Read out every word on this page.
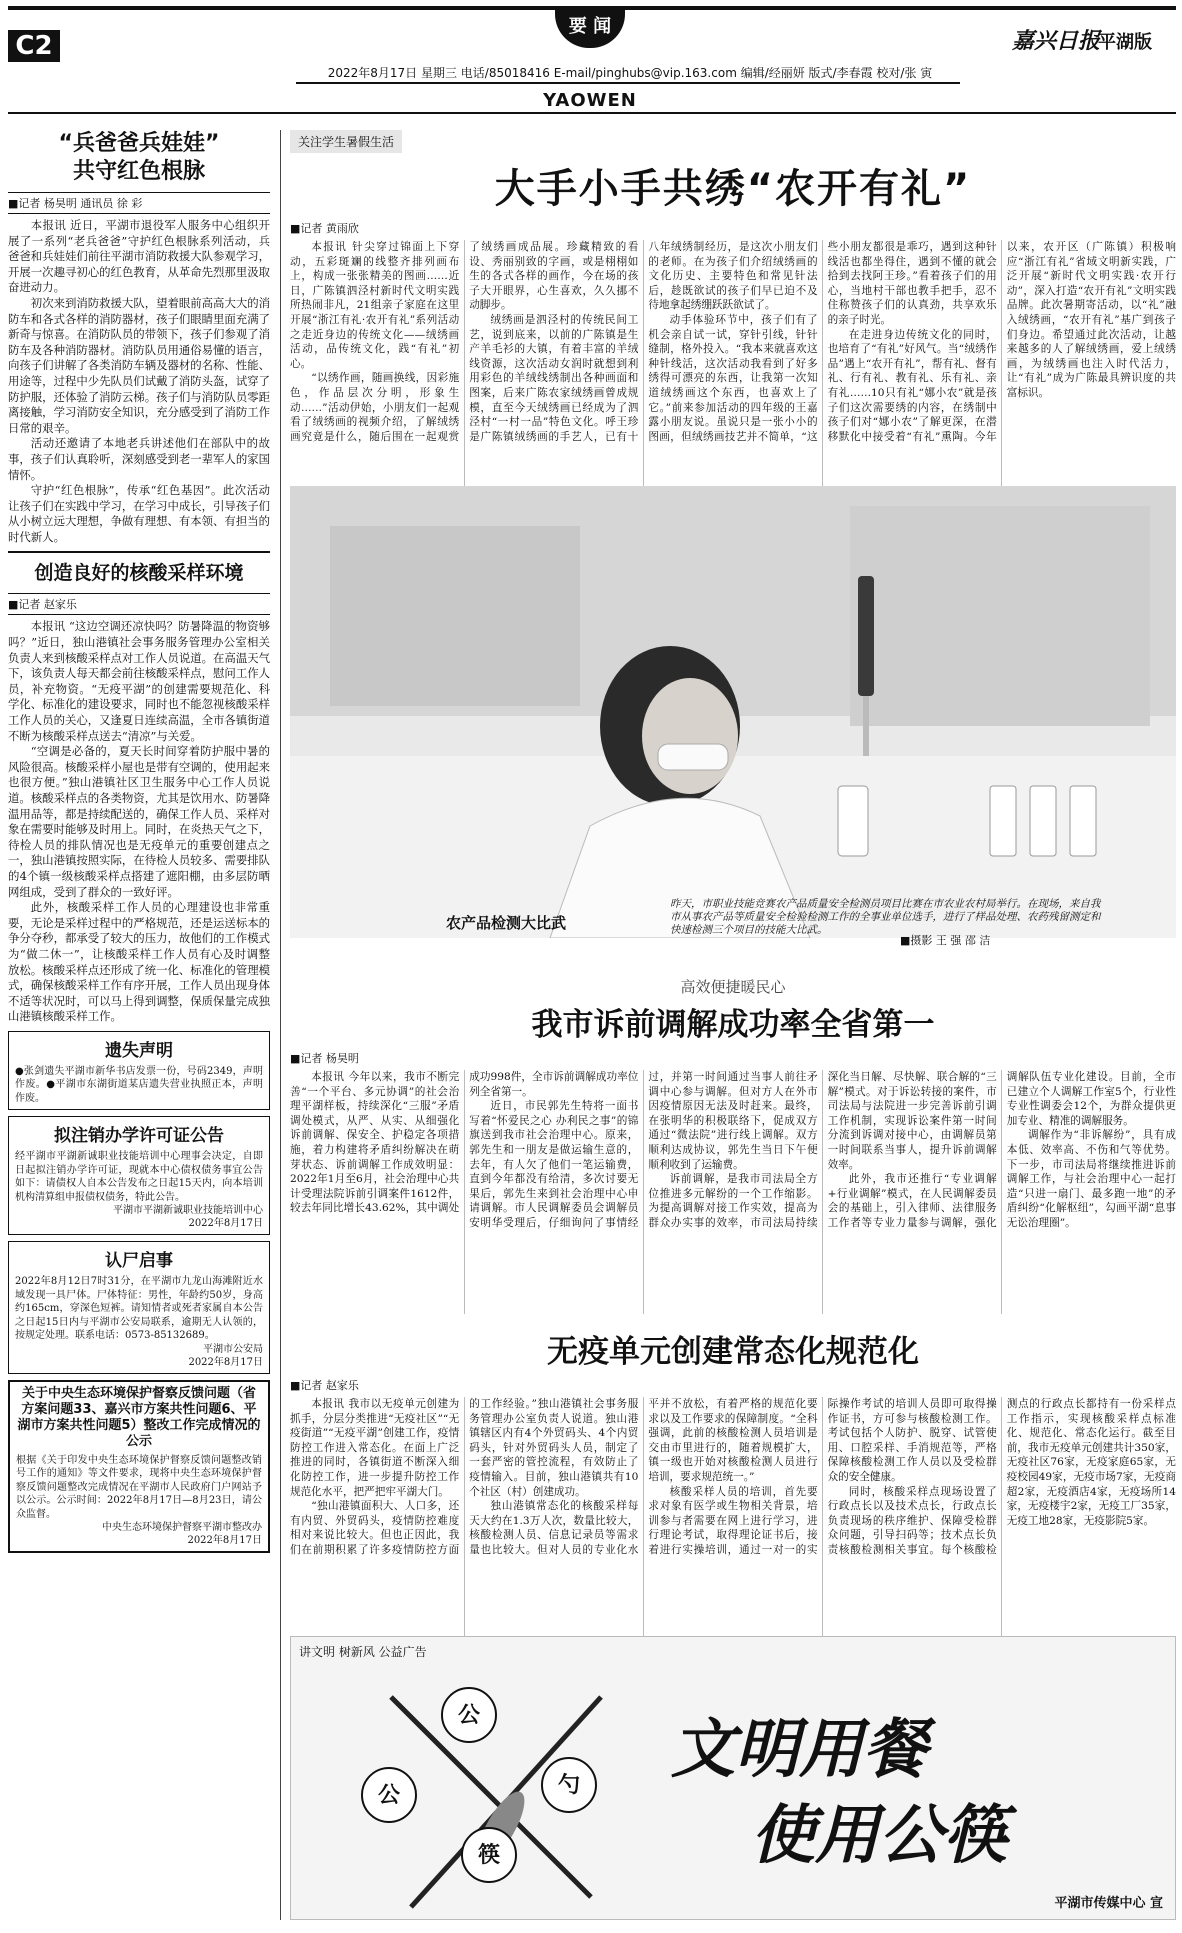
C2
要 闻
嘉兴日报
平湖版
2022年8月17日 星期三 电话/85018416 E-mail/pinghubs@vip.163.com 编辑/经丽妍 版式/李春霞 校对/张 寅
YAOWEN
“兵爸爸兵娃娃”
共守红色根脉
■记者 杨昊明 通讯员 徐 彩

本报讯 近日，平湖市退役军人服务中心组织开展了一系列“老兵爸爸”守护红色根脉系列活动，兵爸爸和兵娃娃们前往平湖市消防救援大队参观学习，开展一次趣寻初心的红色教育，从革命先烈那里汲取奋进动力。

初次来到消防救援大队，望着眼前高高大大的消防车和各式各样的消防器材，孩子们眼睛里面充满了新奇与惊喜。在消防队员的带领下，孩子们参观了消防车及各种消防器材。消防队员用通俗易懂的语言，向孩子们讲解了各类消防车辆及器材的名称、性能、用途等，过程中少先队员们试戴了消防头盔，试穿了防护服，还体验了消防云梯。孩子们与消防队员零距离接触，学习消防安全知识，充分感受到了消防工作日常的艰辛。

活动还邀请了本地老兵讲述他们在部队中的故事，孩子们认真聆听，深刻感受到老一辈军人的家国情怀。

守护“红色根脉”，传承“红色基因”。此次活动让孩子们在实践中学习，在学习中成长，引导孩子们从小树立远大理想，争做有理想、有本领、有担当的时代新人。

创造良好的核酸采样环境
■记者 赵家乐

本报讯 “这边空调还凉快吗？防暑降温的物资够吗？”近日，独山港镇社会事务服务管理办公室相关负责人来到核酸采样点对工作人员说道。在高温天气下，该负责人每天都会前往核酸采样点，慰问工作人员，补充物资。“无疫平湖”的创建需要规范化、科学化、标准化的建设要求，同时也不能忽视核酸采样工作人员的关心，又逢夏日连续高温，全市各镇街道不断为核酸采样点送去“清凉”与关爱。

“空调是必备的，夏天长时间穿着防护服中暑的风险很高。核酸采样小屋也是带有空调的，使用起来也很方便。”独山港镇社区卫生服务中心工作人员说道。核酸采样点的各类物资，尤其是饮用水、防暑降温用品等，都是持续配送的，确保工作人员、采样对象在需要时能够及时用上。同时，在炎热天气之下，待检人员的排队情况也是无疫单元的重要创建点之一，独山港镇按照实际，在待检人员较多、需要排队的4个镇一级核酸采样点搭建了遮阳棚，由多层防晒网组成，受到了群众的一致好评。

此外，核酸采样工作人员的心理建设也非常重要，无论是采样过程中的严格规范，还是运送标本的争分夺秒，都承受了较大的压力，故他们的工作模式为“做二休一”，让核酸采样工作人员有心及时调整放松。核酸采样点还形成了统一化、标准化的管理模式，确保核酸采样工作有序开展，工作人员出现身体不适等状况时，可以马上得到调整，保质保量完成独山港镇核酸采样工作。

遗失声明
●张剑遗失平湖市新华书店发票一份，号码2349，声明作废。●平湖市东湖街道某店遗失营业执照正本，声明作废。
拟注销办学许可证公告
经平湖市平湖新诚职业技能培训中心理事会决定，自即日起拟注销办学许可证，现就本中心债权债务事宜公告如下：请债权人自本公告发布之日起15天内，向本培训机构清算组申报债权债务，特此公告。
平湖市平湖新诚职业技能培训中心
2022年8月17日
认尸启事
2022年8月12日7时31分，在平湖市九龙山海滩附近水域发现一具尸体。尸体特征：男性，年龄约50岁，身高约165cm，穿深色短裤。请知情者或死者家属自本公告之日起15日内与平湖市公安局联系，逾期无人认领的，按规定处理。联系电话：0573-85132689。
平湖市公安局
2022年8月17日
关于中央生态环境保护督察反馈问题（省方案问题33、嘉兴市方案共性问题6、平湖市方案共性问题5）整改工作完成情况的公示
根据《关于印发中央生态环境保护督察反馈问题整改销号工作的通知》等文件要求，现将中央生态环境保护督察反馈问题整改完成情况在平湖市人民政府门户网站予以公示。公示时间：2022年8月17日—8月23日，请公众监督。
中央生态环境保护督察平湖市整改办
2022年8月17日
关注学生暑假生活
大手小手共绣“农开有礼”
■记者 黄雨欣

本报讯 针尖穿过锦面上下穿动，五彩斑斓的线整齐排列画布上，构成一张张精美的图画……近日，广陈镇泗泾村新时代文明实践所热闹非凡，21组亲子家庭在这里开展“浙江有礼·农开有礼”系列活动之走近身边的传统文化——绒绣画活动，品传统文化，践“有礼”初心。

“以绣作画，随画换线，因彩施色，作品层次分明，形象生动……”活动伊始，小朋友们一起观看了绒绣画的视频介绍，了解绒绣画究竟是什么，随后围在一起观赏了绒绣画成品展。珍藏精致的看设、秀丽别致的字画，或是栩栩如生的各式各样的画作，今在场的孩子大开眼界，心生喜欢，久久挪不动脚步。

绒绣画是泗泾村的传统民间工艺，说到底来，以前的广陈镇是生产羊毛衫的大镇，有着丰富的羊绒线资源，这次活动女润时就想到利用彩色的羊绒线绣制出各种画面和图案，后来广陈农家绒绣画曾成规模，直至今天绒绣画已经成为了泗泾村“一村一品”特色文化。呼王珍是广陈镇绒绣画的手艺人，已有十八年绒绣制经历，是这次小朋友们的老师。在为孩子们介绍绒绣画的文化历史、主要特色和常见针法后，趁既欲试的孩子们早已迫不及待地拿起绣绷跃跃欲试了。

动手体验环节中，孩子们有了机会亲自试一试，穿针引线，针针缝制，格外投入。“我本来就喜欢这种针线活，这次活动我看到了好多绣得可漂亮的东西，让我第一次知道绒绣画这个东西，也喜欢上了它。”前来参加活动的四年级的王嘉露小朋友说。虽说只是一张小小的图画，但绒绣画技艺并不简单，“这些小朋友都很是乖巧，遇到这种针线活也都坐得住，遇到不懂的就会拾到去找阿王珍。”看着孩子们的用心，当地村干部也教手把手，忍不住称赞孩子们的认真劲，共享欢乐的亲子时光。

在走进身边传统文化的同时，也培育了“有礼”好风气。当“绒绣作品”遇上“农开有礼”，帮有礼、督有礼、行有礼、教有礼、乐有礼、亲有礼……10只有礼“娜小农”就是孩子们这次需要绣的内容，在绣制中孩子们对“娜小农”了解更深，在潜移默化中接受着“有礼”熏陶。今年以来，农开区（广陈镇）积极响应“浙江有礼”省域文明新实践，广泛开展“新时代文明实践·农开行动”，深入打造“农开有礼”文明实践品牌。此次暑期寄活动，以“礼”融入绒绣画，“农开有礼”基广到孩子们身边。希望通过此次活动，让越来越多的人了解绒绣画，爱上绒绣画，为绒绣画也注入时代活力，让“有礼”成为广陈最具辨识度的共富标识。

农产品检测大比武
昨天，市职业技能竞赛农产品质量安全检测员项目比赛在市农业农村局举行。在现场，来自我市从事农产品等质量安全检验检测工作的全事业单位选手，进行了样品处理、农药残留测定和快速检测三个项目的技能大比武。
■摄影 王 强 邵 洁
高效便捷暖民心
我市诉前调解成功率全省第一
■记者 杨昊明

本报讯 今年以来，我市不断完善“一个平台、多元协调”的社会治理平湖样板，持续深化“三服”矛盾调处模式，从严、从实、从细强化诉前调解、保安全、护稳定各项措施，着力构建将矛盾纠纷解决在萌芽状态、诉前调解工作成效明显：2022年1月至6月，社会治理中心共计受理法院诉前引调案件1612件，较去年同比增长43.62%，其中调处成功998件，全市诉前调解成功率位列全省第一。

近日，市民郭先生特将一面书写着“怀爱民之心 办利民之事”的锦旗送到我市社会治理中心。原来，郭先生和一朋友是做运输生意的，去年，有人欠了他们一笔运输费，直到今年都没有给清，多次讨要无果后，郭先生来到社会治理中心申请调解。市人民调解委员会调解员安明华受理后，仔细询问了事情经过，并第一时间通过当事人前往矛调中心参与调解。但对方人在外市因疫情原因无法及时赶来。最终，在张明华的积极联络下，促成双方通过“微法院”进行线上调解。双方顺利达成协议，郭先生当日下午便顺利收到了运输费。

诉前调解，是我市司法局全方位推进多元解纷的一个工作缩影。为提高调解对接工作实效，提高为群众办实事的效率，市司法局持续深化当日解、尽快解、联合解的“三解”模式。对于诉讼转接的案件，市司法局与法院进一步完善诉前引调工作机制，实现诉讼案件第一时间分流到诉调对接中心，由调解员第一时间联系当事人，提升诉前调解效率。

此外，我市还推行“专业调解+行业调解”模式，在人民调解委员会的基础上，引入律师、法律服务工作者等专业力量参与调解，强化调解队伍专业化建设。目前，全市已建立个人调解工作室5个，行业性专业性调委会12个，为群众提供更加专业、精准的调解服务。

调解作为“非诉解纷”，具有成本低、效率高、不伤和气等优势。下一步，市司法局将继续推进诉前调解工作，与社会治理中心一起打造“只进一扇门、最多跑一地”的矛盾纠纷“化解枢纽”，勾画平湖“息事无讼治理圈”。

无疫单元创建常态化规范化
■记者 赵家乐

本报讯 我市以无疫单元创建为抓手，分层分类推进“无疫社区”“无疫街道”“无疫平湖”创建工作，疫情防控工作进入常态化。在面上广泛推进的同时，各镇街道不断深入细化防控工作，进一步提升防控工作规范化水平，把严把牢平湖大门。

“独山港镇面积大、人口多，还有内贸、外贸码头，疫情防控难度相对来说比较大。但也正因此，我们在前期积累了许多疫情防控方面的工作经验。”独山港镇社会事务服务管理办公室负责人说道。独山港镇辖区内有4个外贸码头、4个内贸码头，针对外贸码头人员，制定了一套严密的管控流程，有效防止了疫情输入。目前，独山港镇共有10个社区（村）创建成功。

独山港镇常态化的核酸采样每天大约在1.3万人次，数量比较大，核酸检测人员、信息记录员等需求量也比较大。但对人员的专业化水平并不放松，有着严格的规范化要求以及工作要求的保障制度。“全科强调，此前的核酸检测人员培训是交由市里进行的，随着规模扩大，镇一级也开始对核酸检测人员进行培训，要求规范统一。”

核酸采样人员的培训，首先要求对象有医学或生物相关背景，培训参与者需要在网上进行学习，进行理论考试，取得理论证书后，接着进行实操培训，通过一对一的实际操作考试的培训人员即可取得操作证书，方可参与核酸检测工作。考试包括个人防护、脱穿、试管使用、口腔采样、手消规范等，严格保障核酸检测工作人员以及受检群众的安全健康。

同时，核酸采样点现场设置了行政点长以及技术点长，行政点长负责现场的秩序维护、保障受检群众问题，引导扫码等；技术点长负责核酸检测相关事宜。每个核酸检测点的行政点长都持有一份采样点工作指示，实现核酸采样点标准化、规范化、常态化运行。截至目前，我市无疫单元创建共计350家，无疫社区76家，无疫家庭65家，无疫校园49家，无疫市场7家，无疫商超2家，无疫酒店4家，无疫场所14家，无疫楼宇2家，无疫工厂35家，无疫工地28家，无疫影院5家。

讲文明 树新风 公益广告
公
勺
公
筷
文明用餐
使用公筷
平湖市传媒中心 宣
